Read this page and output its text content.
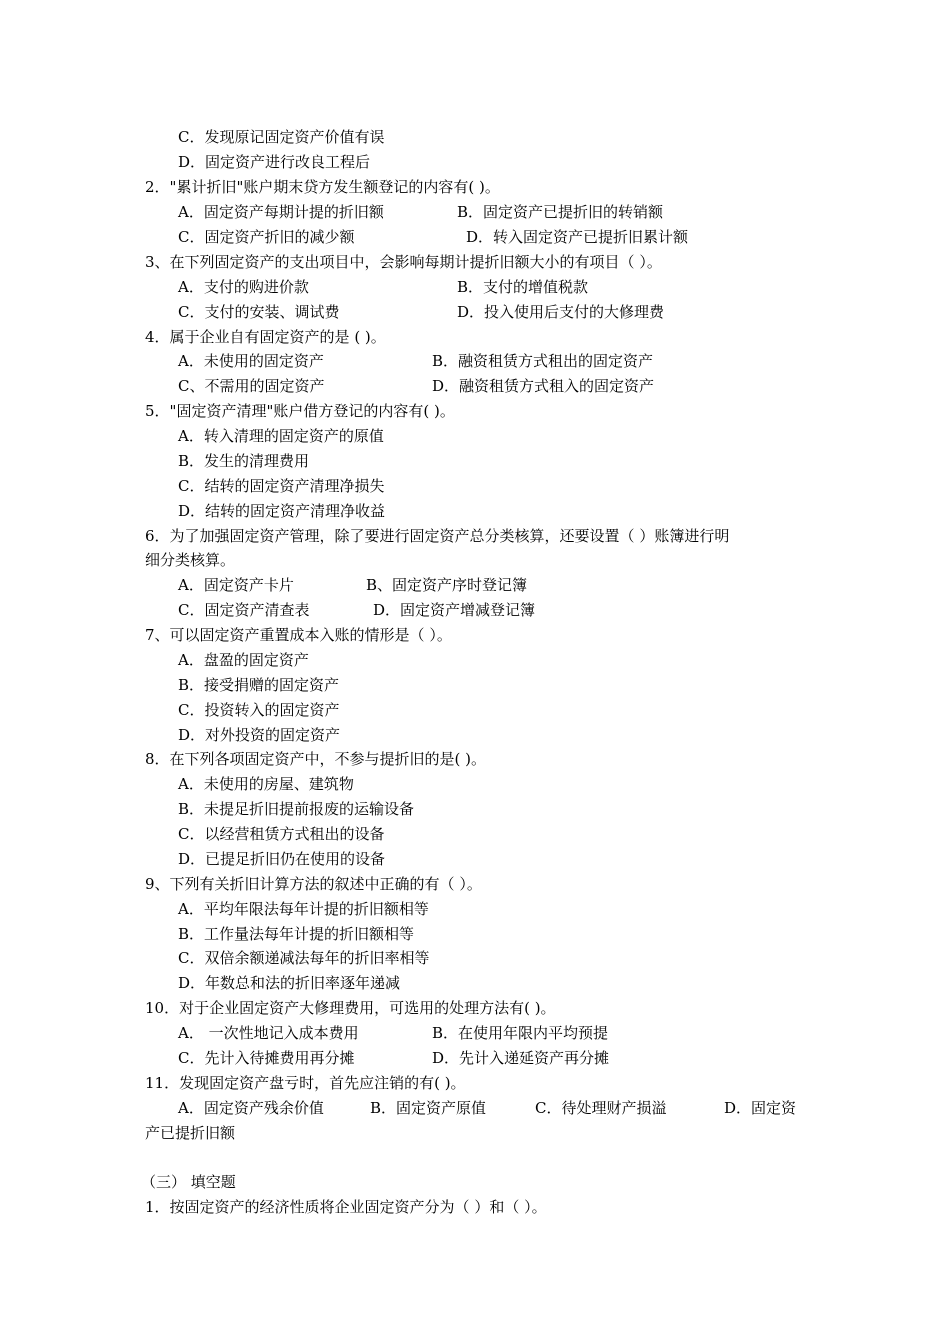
C．发现原记固定资产价值有误
D．固定资产进行改良工程后
2．"累计折旧"账户期末贷方发生额登记的内容有( )。
A．固定资产每期计提的折旧额	B．固定资产已提折旧的转销额
C．固定资产折旧的减少额	D．转入固定资产已提折旧累计额
3、在下列固定资产的支出项目中，会影响每期计提折旧额大小的有项目（ ）。
A．支付的购进价款	B．支付的增值税款
C．支付的安装、调试费	D．投入使用后支付的大修理费
4．属于企业自有固定资产的是 ( )。
A．未使用的固定资产	B．融资租赁方式租出的固定资产
C、不需用的固定资产	D．融资租赁方式租入的固定资产
5．"固定资产清理"账户借方登记的内容有( )。
A．转入清理的固定资产的原值
B．发生的清理费用
C．结转的固定资产清理净损失
D．结转的固定资产清理净收益
6．为了加强固定资产管理，除了要进行固定资产总分类核算，还要设置（ ）账簿进行明
细分类核算。
A．固定资产卡片	B、固定资产序时登记簿
C．固定资产清查表	D．固定资产增减登记簿
7、可以固定资产重置成本入账的情形是（ ）。
A．盘盈的固定资产
B．接受捐赠的固定资产
C．投资转入的固定资产
D．对外投资的固定资产
8．在下列各项固定资产中，不参与提折旧的是( )。
A．未使用的房屋、建筑物
B．未提足折旧提前报废的运输设备
C．以经营租赁方式租出的设备
D．已提足折旧仍在使用的设备
9、下列有关折旧计算方法的叙述中正确的有（ ）。
A．平均年限法每年计提的折旧额相等
B．工作量法每年计提的折旧额相等
C．双倍余额递减法每年的折旧率相等
D．年数总和法的折旧率逐年递减
10．对于企业固定资产大修理费用，可选用的处理方法有( )。
A． 一次性地记入成本费用	B．在使用年限内平均预提
C．先计入待摊费用再分摊	D．先计入递延资产再分摊
11．发现固定资产盘亏时，首先应注销的有( )。
A．固定资产残余价值	B．固定资产原值	C．待处理财产损溢	D．固定资
产已提折旧额
（三） 填空题
1．按固定资产的经济性质将企业固定资产分为（ ）和（ ）。
